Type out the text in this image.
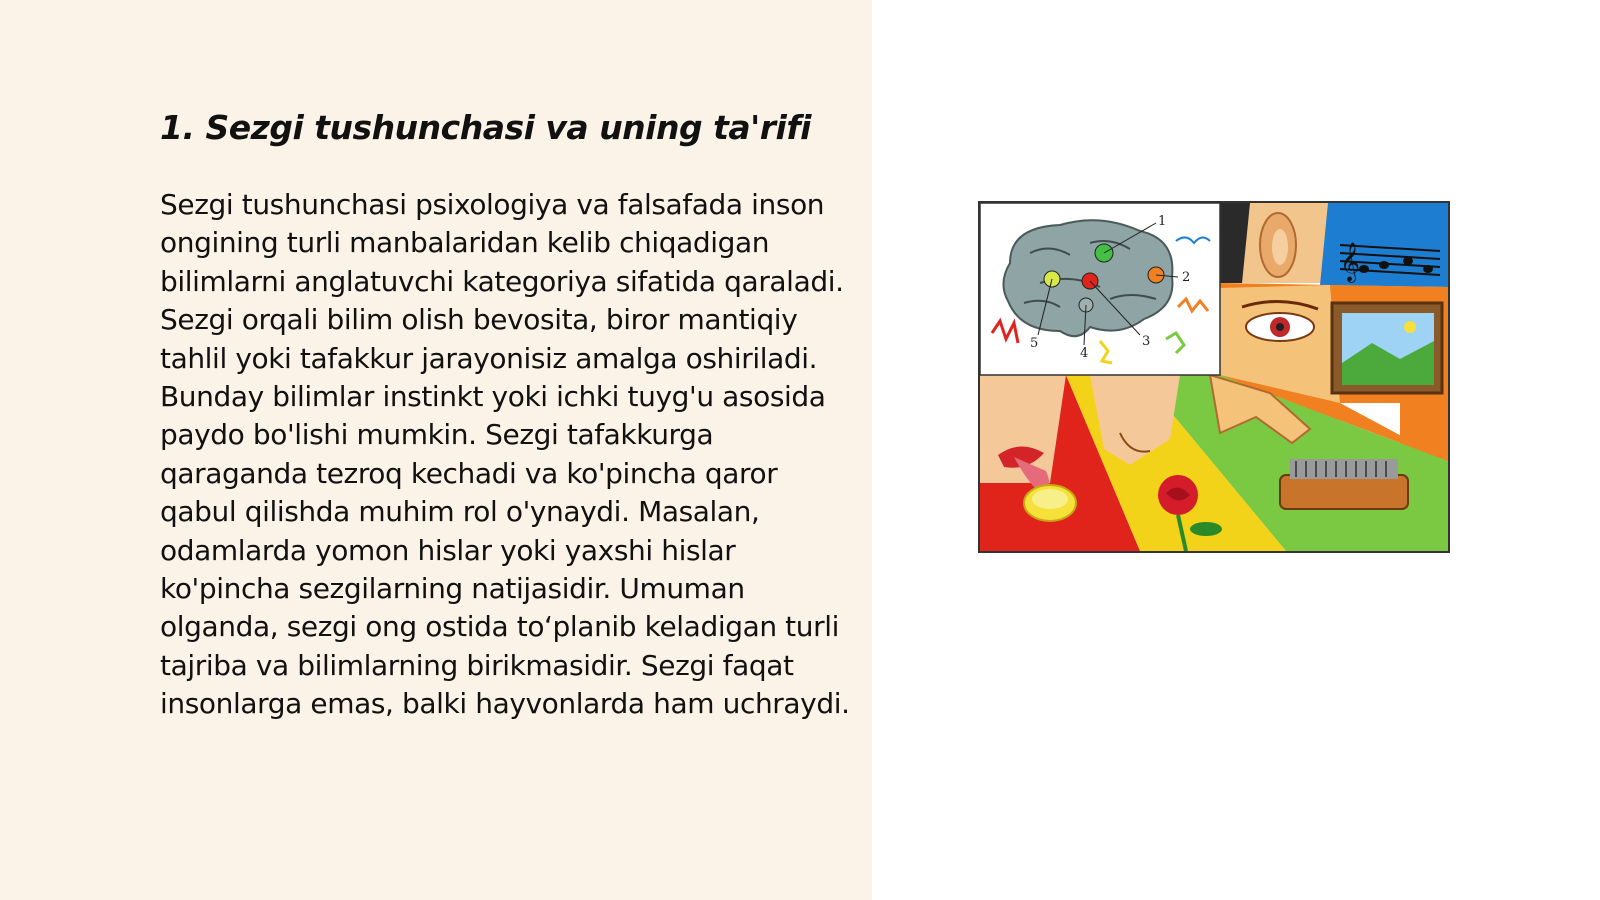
1. Sezgi tushunchasi va uning ta'rifi

Sezgi tushunchasi psixologiya va falsafada inson ongining turli manbalaridan kelib chiqadigan bilimlarni anglatuvchi kategoriya sifatida qaraladi. Sezgi orqali bilim olish bevosita, biror mantiqiy tahlil yoki tafakkur jarayonisiz amalga oshiriladi. Bunday bilimlar instinkt yoki ichki tuyg'u asosida paydo bo'lishi mumkin. Sezgi tafakkurga qaraganda tezroq kechadi va ko'pincha qaror qabul qilishda muhim rol o'ynaydi. Masalan, odamlarda yomon hislar yoki yaxshi hislar ko'pincha sezgilarning natijasidir. Umuman olganda, sezgi ong ostida to‘planib keladigan turli tajriba va bilimlarning birikmasidir. Sezgi faqat insonlarga emas, balki hayvonlarda ham uchraydi.

𝄞
1
2
3
4
5
